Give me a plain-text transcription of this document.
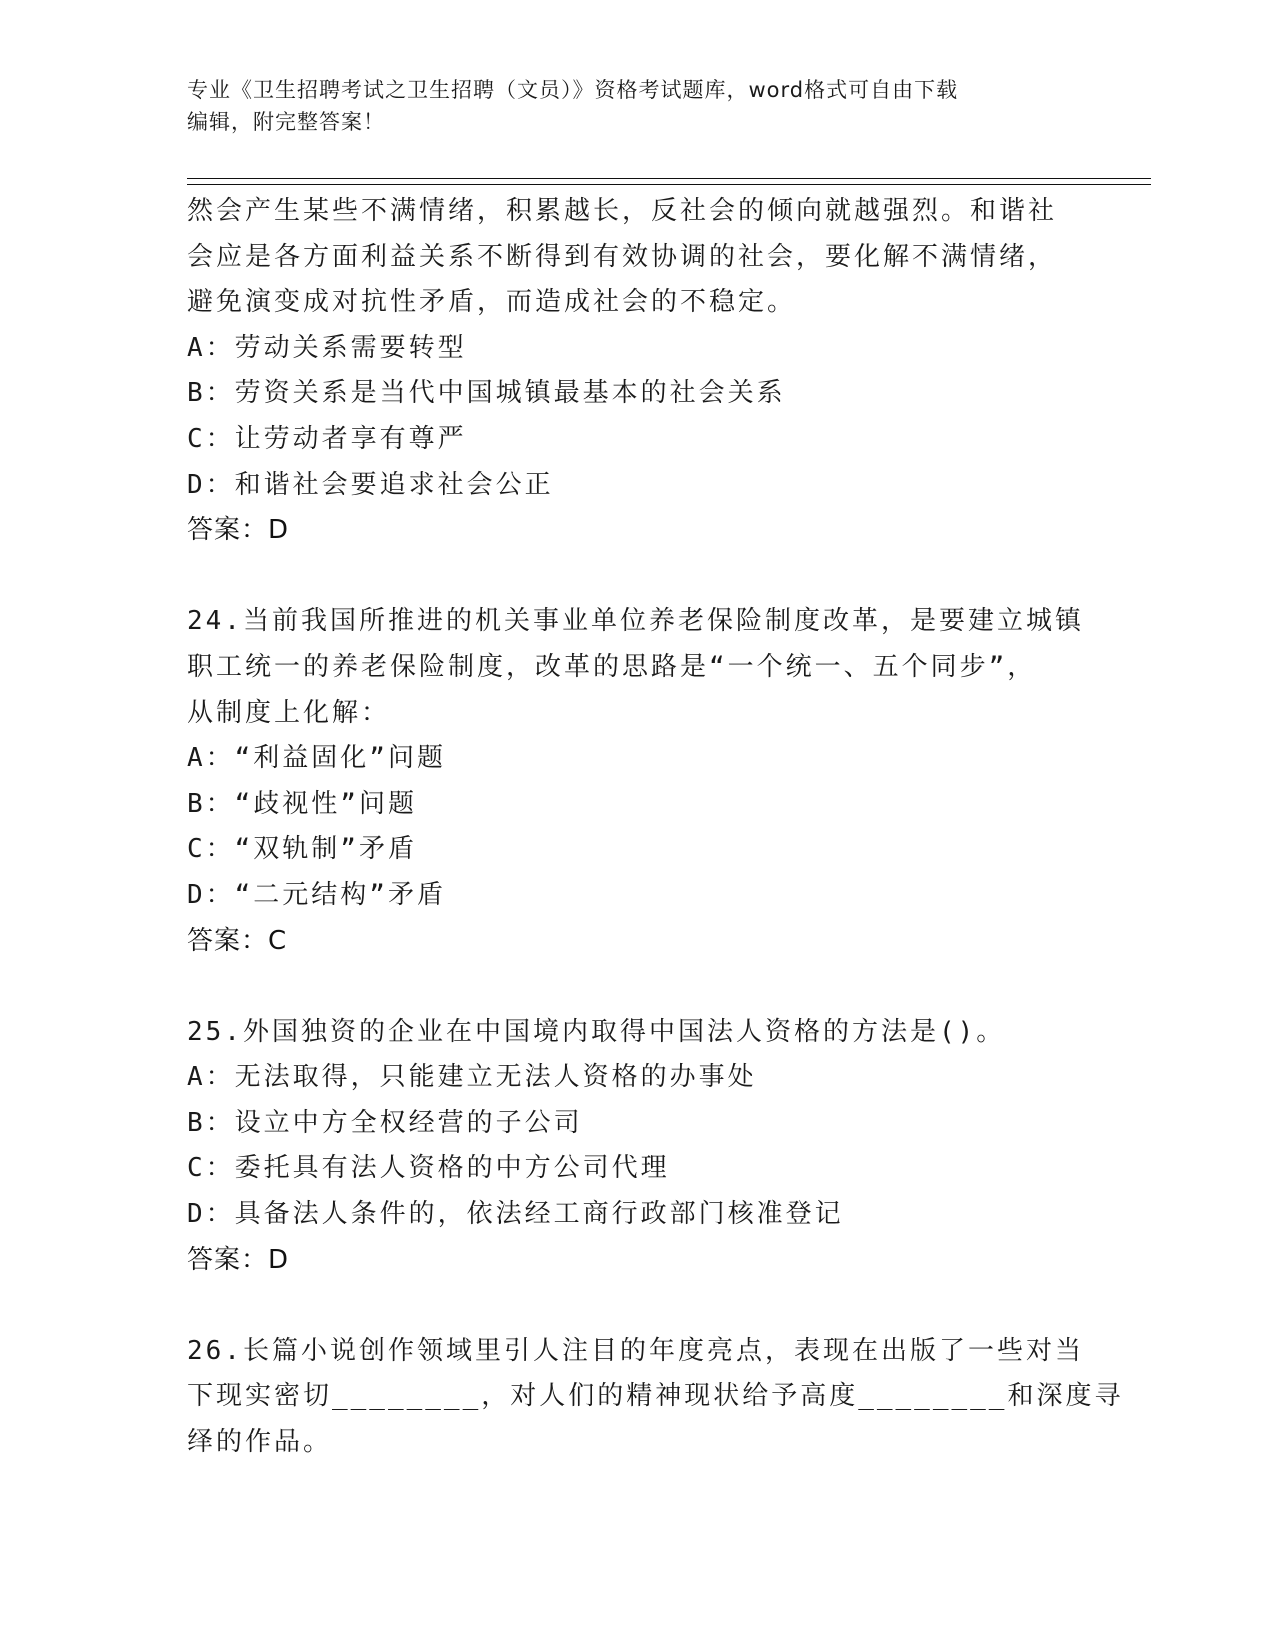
专业《卫生招聘考试之卫生招聘（文员）》资格考试题库，word格式可自由下载
编辑，附完整答案！
然会产生某些不满情绪，积累越长，反社会的倾向就越强烈。和谐社
会应是各方面利益关系不断得到有效协调的社会，要化解不满情绪，
避免演变成对抗性矛盾，而造成社会的不稳定。
A：劳动关系需要转型
B：劳资关系是当代中国城镇最基本的社会关系
C：让劳动者享有尊严
D：和谐社会要追求社会公正
答案：D
24.当前我国所推进的机关事业单位养老保险制度改革，是要建立城镇
职工统一的养老保险制度，改革的思路是“一个统一、五个同步”，
从制度上化解：
A：“利益固化”问题
B：“歧视性”问题
C：“双轨制”矛盾
D：“二元结构”矛盾
答案：C
25.外国独资的企业在中国境内取得中国法人资格的方法是()。
A：无法取得，只能建立无法人资格的办事处
B：设立中方全权经营的子公司
C：委托具有法人资格的中方公司代理
D：具备法人条件的，依法经工商行政部门核准登记
答案：D
26.长篇小说创作领域里引人注目的年度亮点，表现在出版了一些对当
下现实密切________，对人们的精神现状给予高度________和深度寻
绎的作品。
